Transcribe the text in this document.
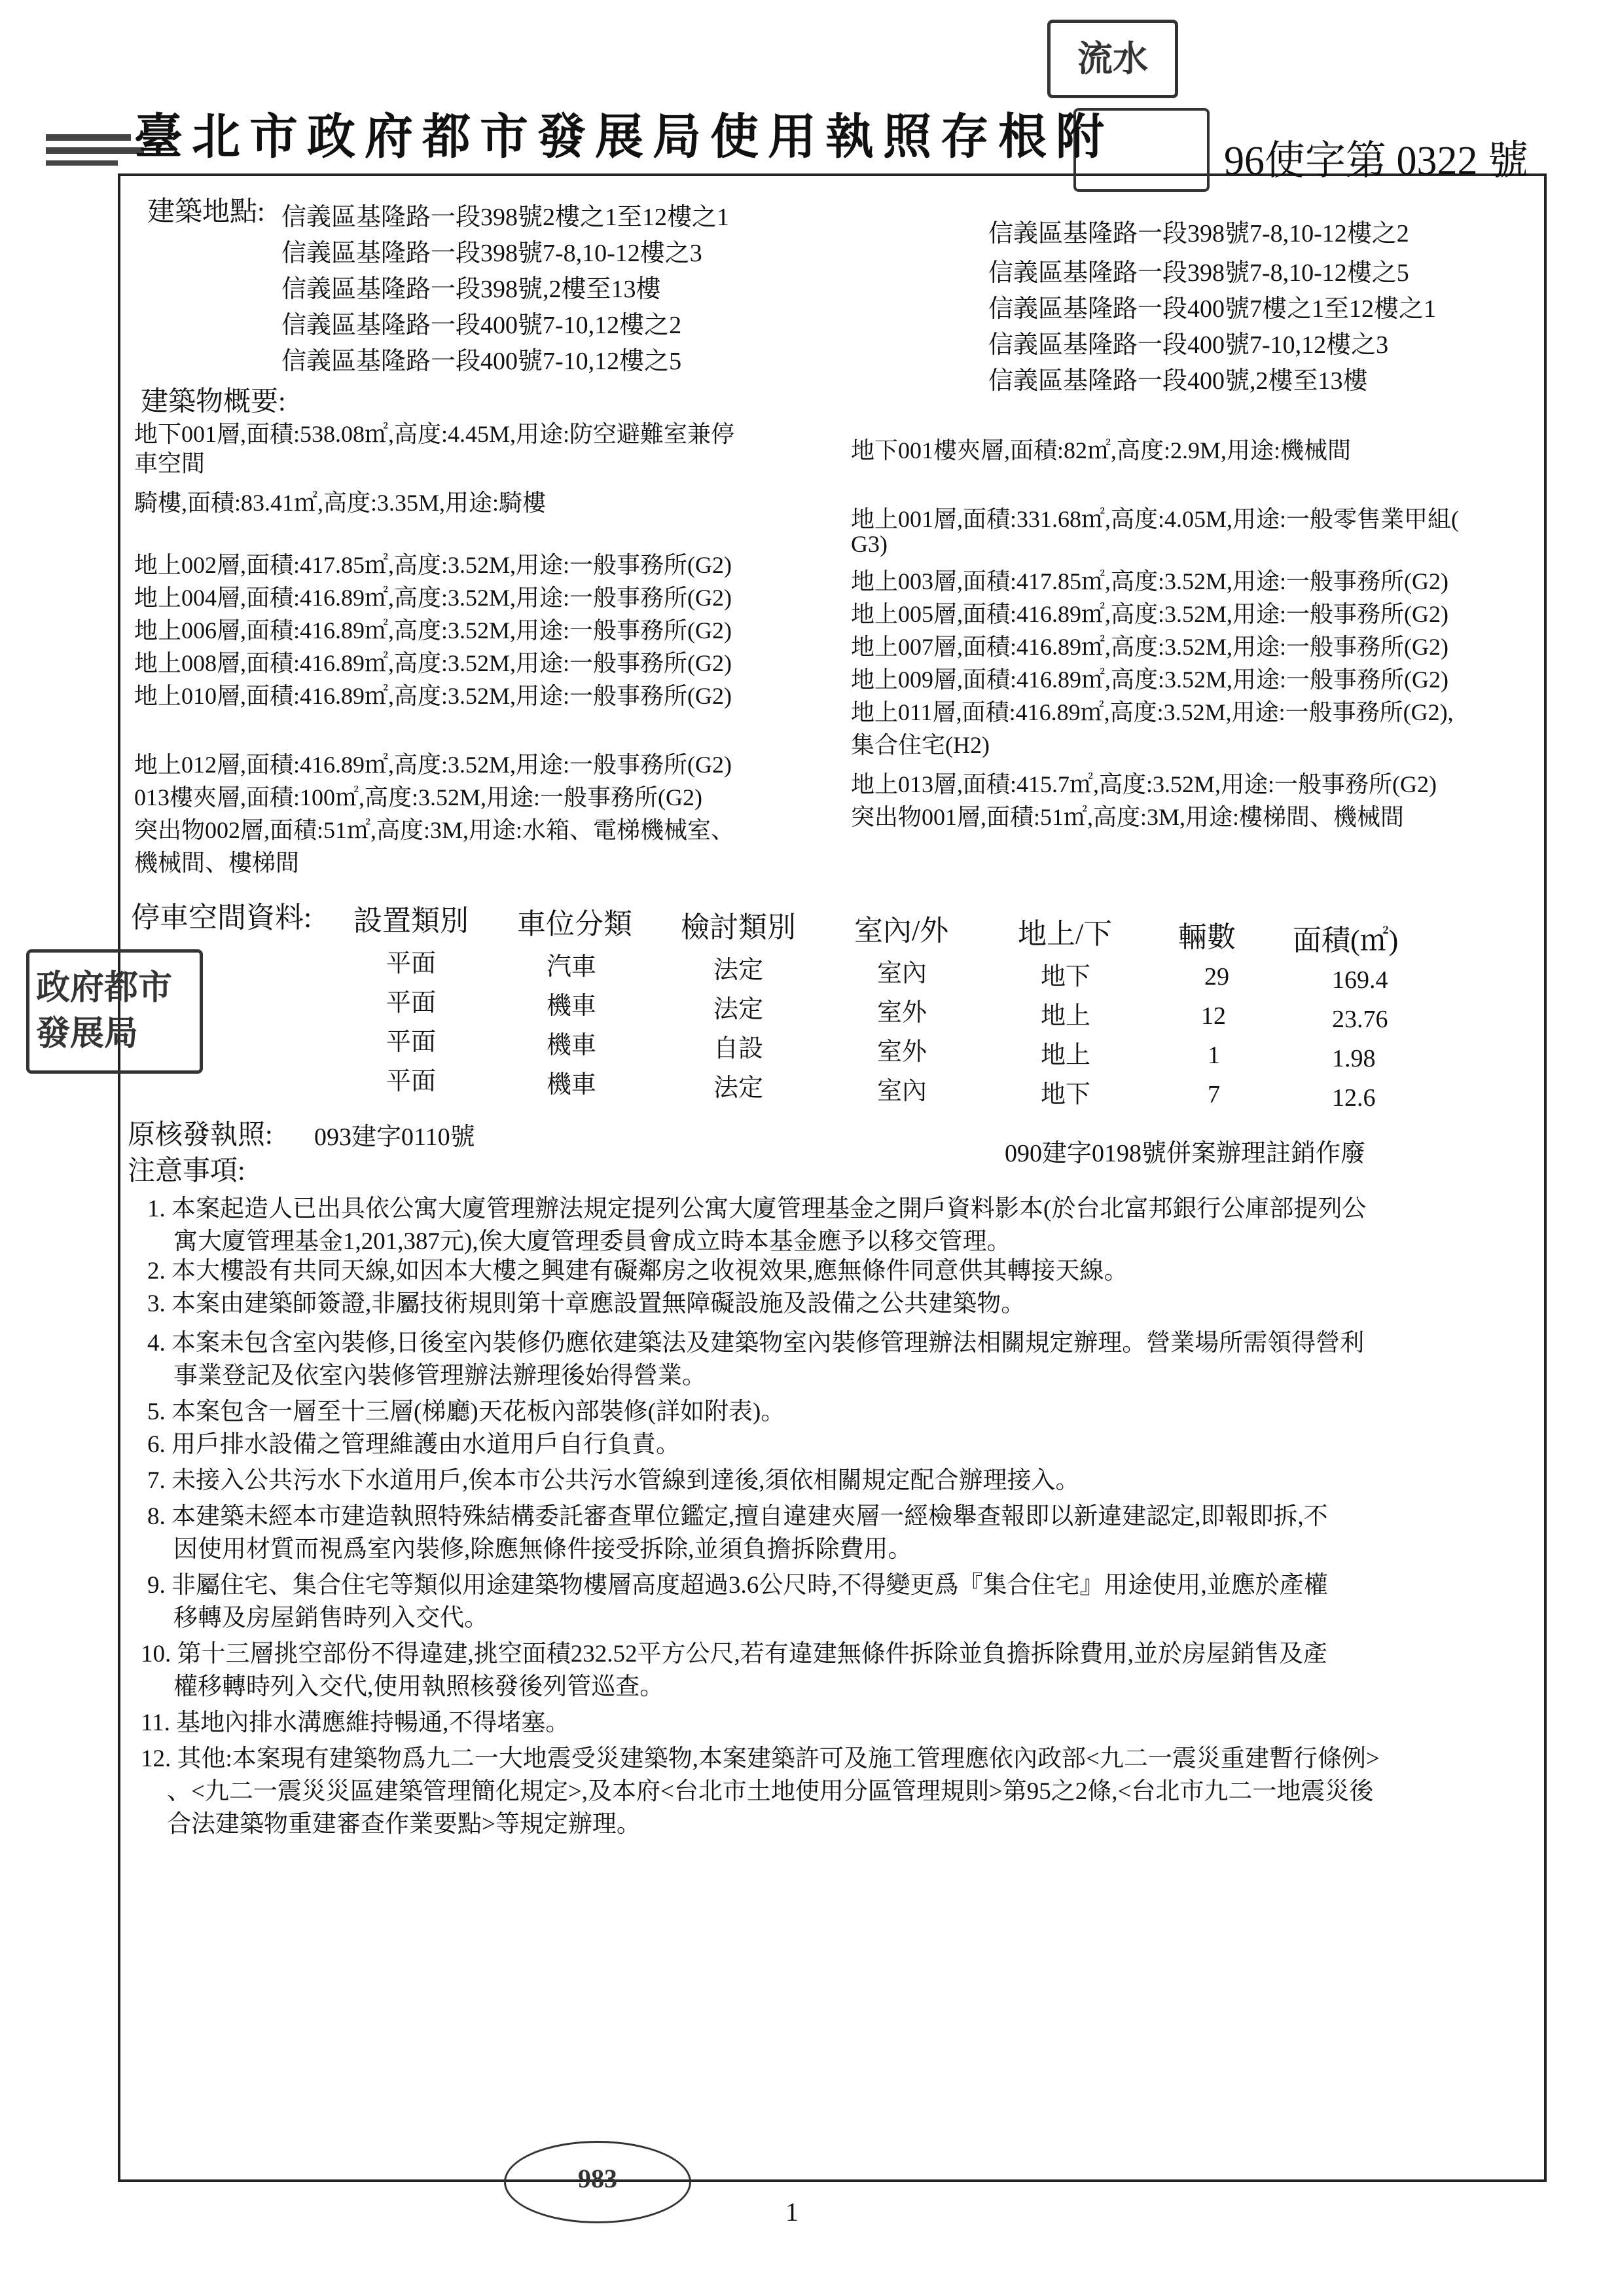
流水
政府都市 發展局
983
臺北市政府都市發展局使用執照存根附	96使字第 0322 號
建築地點: 信義區基隆路一段398號2樓之1至12樓之1
信義區基隆路一段398號7-8,10-12樓之3
信義區基隆路一段398號,2樓至13樓
信義區基隆路一段400號7-10,12樓之2
信義區基隆路一段400號7-10,12樓之5
信義區基隆路一段398號7-8,10-12樓之2
信義區基隆路一段398號7-8,10-12樓之5
信義區基隆路一段400號7樓之1至12樓之1
信義區基隆路一段400號7-10,12樓之3
信義區基隆路一段400號,2樓至13樓
建築物概要:
地下001層,面積:538.08㎡,高度:4.45M,用途:防空避難室兼停
車空間
騎樓,面積:83.41㎡,高度:3.35M,用途:騎樓
地上002層,面積:417.85㎡,高度:3.52M,用途:一般事務所(G2)
地上004層,面積:416.89㎡,高度:3.52M,用途:一般事務所(G2)
地上006層,面積:416.89㎡,高度:3.52M,用途:一般事務所(G2)
地上008層,面積:416.89㎡,高度:3.52M,用途:一般事務所(G2)
地上010層,面積:416.89㎡,高度:3.52M,用途:一般事務所(G2)
地上012層,面積:416.89㎡,高度:3.52M,用途:一般事務所(G2)
013樓夾層,面積:100㎡,高度:3.52M,用途:一般事務所(G2)
突出物002層,面積:51㎡,高度:3M,用途:水箱、電梯機械室、
機械間、樓梯間
地下001樓夾層,面積:82㎡,高度:2.9M,用途:機械間
地上001層,面積:331.68㎡,高度:4.05M,用途:一般零售業甲組(
G3)
地上003層,面積:417.85㎡,高度:3.52M,用途:一般事務所(G2)
地上005層,面積:416.89㎡,高度:3.52M,用途:一般事務所(G2)
地上007層,面積:416.89㎡,高度:3.52M,用途:一般事務所(G2)
地上009層,面積:416.89㎡,高度:3.52M,用途:一般事務所(G2)
地上011層,面積:416.89㎡,高度:3.52M,用途:一般事務所(G2),
集合住宅(H2)
地上013層,面積:415.7㎡,高度:3.52M,用途:一般事務所(G2)
突出物001層,面積:51㎡,高度:3M,用途:樓梯間、機械間
停車空間資料: 設置類別 車位分類 檢討類別 室內/外 地上/下 輛數 面積(㎡)
平面	汽車	法定	室內	地下	29	169.4
平面	機車	法定	室外	地上	12	23.76
平面	機車	自設	室外	地上	1	1.98
平面	機車	法定	室內	地下	7	12.6
原核發執照: 093建字0110號
090建字0198號併案辦理註銷作廢
注意事項:
1. 本案起造人已出具依公寓大廈管理辦法規定提列公寓大廈管理基金之開戶資料影本(於台北富邦銀行公庫部提列公
寓大廈管理基金1,201,387元),俟大廈管理委員會成立時本基金應予以移交管理。
2. 本大樓設有共同天線,如因本大樓之興建有礙鄰房之收視效果,應無條件同意供其轉接天線。
3. 本案由建築師簽證,非屬技術規則第十章應設置無障礙設施及設備之公共建築物。
4. 本案未包含室內裝修,日後室內裝修仍應依建築法及建築物室內裝修管理辦法相關規定辦理。營業場所需領得營利
事業登記及依室內裝修管理辦法辦理後始得營業。
5. 本案包含一層至十三層(梯廳)天花板內部裝修(詳如附表)。
6. 用戶排水設備之管理維護由水道用戶自行負責。
7. 未接入公共污水下水道用戶,俟本市公共污水管線到達後,須依相關規定配合辦理接入。
8. 本建築未經本市建造執照特殊結構委託審查單位鑑定,擅自違建夾層一經檢舉查報即以新違建認定,即報即拆,不
因使用材質而視爲室內裝修,除應無條件接受拆除,並須負擔拆除費用。
9. 非屬住宅、集合住宅等類似用途建築物樓層高度超過3.6公尺時,不得變更爲『集合住宅』用途使用,並應於產權
移轉及房屋銷售時列入交代。
10. 第十三層挑空部份不得違建,挑空面積232.52平方公尺,若有違建無條件拆除並負擔拆除費用,並於房屋銷售及產
權移轉時列入交代,使用執照核發後列管巡查。
11. 基地內排水溝應維持暢通,不得堵塞。
12. 其他:本案現有建築物爲九二一大地震受災建築物,本案建築許可及施工管理應依內政部<九二一震災重建暫行條例>
、<九二一震災災區建築管理簡化規定>,及本府<台北市土地使用分區管理規則>第95之2條,<台北市九二一地震災後
合法建築物重建審查作業要點>等規定辦理。
1
